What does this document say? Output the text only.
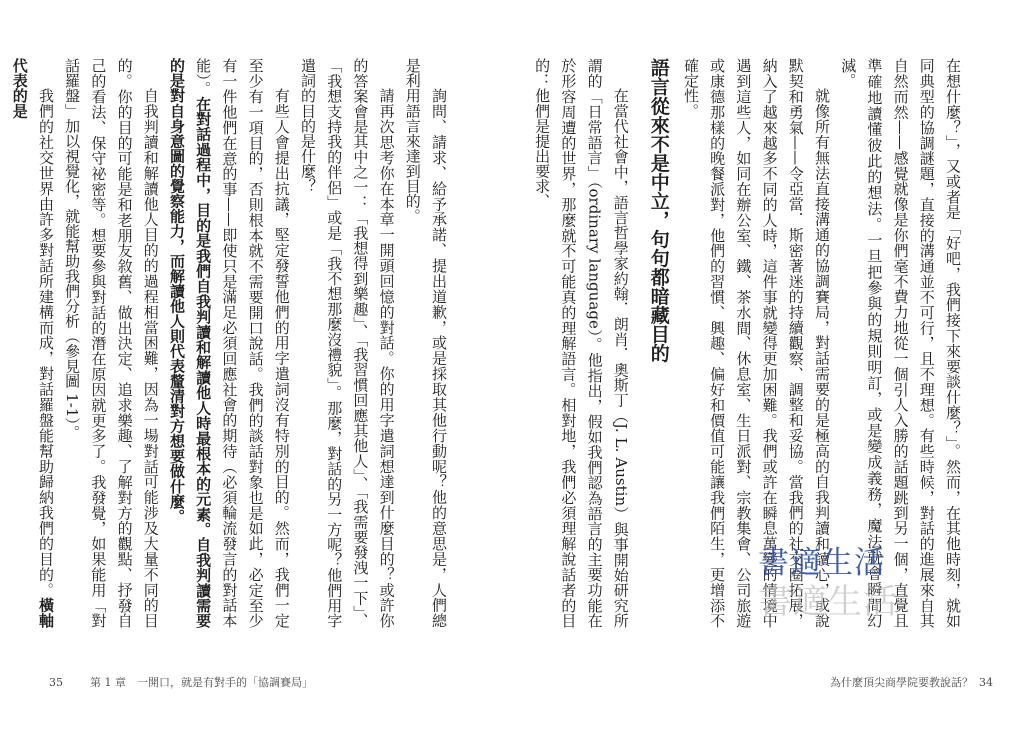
詢問、請求、給予承諾、提出道歉，或是採取其他行動呢？他的意思是，人們總是利用語言來達到目的。

請再次思考你在本章一開頭回憶的對話。你的用字遣詞想達到什麼目的？或許你的答案會是其中之一：「我想得到樂趣」、「我習慣回應其他人」、「我需要發洩一下」、「我想支持我的伴侶」或是「我不想那麼沒禮貌」。那麼，對話的另一方呢？他們用字遣詞的目的是什麼？

有些人會提出抗議，堅定發誓他們的用字遣詞沒有特別的目的。然而，我們一定至少有一項目的，否則根本就不需要開口說話。我們的談話對象也是如此，必定至少有一件他們在意的事——即使只是滿足必須回應社會的期待（必須輪流發言的對話本能）。在對話過程中，目的是我們自我判讀和解讀他人時最根本的元素。自我判讀需要的是對自身意圖的覺察能力，而解讀他人則代表釐清對方想要做什麼。

自我判讀和解讀他人目的的過程相當困難，因為一場對話可能涉及大量不同的目的。你的目的可能是和老朋友敘舊、做出決定、追求樂趣、了解對方的觀點、抒發自己的看法、保守祕密等。想要參與對話的潛在原因就更多了。我發覺，如果能用「對話羅盤」加以視覺化，就能幫助我們分析（參見圖 1-1）。

我們的社交世界由許多對話所建構而成，對話羅盤能幫助歸納我們的目的。橫軸代表的是

35 第 1 章　一開口，就是有對手的「協調賽局」

在想什麼？」，又或者是「好吧，我們接下來要談什麼？」。然而，在其他時刻，就如同典型的協調謎題，直接的溝通並不可行，且不理想。有些時候，對話的進展來自其自然而然——感覺就像是你們毫不費力地從一個引人入勝的話題跳到另一個，直覺且準確地讀懂彼此的想法。一旦把參與的規則明訂，或是變成義務，魔法就會瞬間幻滅。

就像所有無法直接溝通的協調賽局，對話需要的是極高的自我判讀和讀心，或說默契和勇氣——令亞當．斯密著迷的持續觀察、調整和妥協。當我們的社交圈拓展，納入了越來越多不同的人時，這件事就變得更加困難。我們或許在瞬息萬變的情境中遇到這些人，如同在辦公室、鐵、茶水間、休息室、生日派對、宗教集會、公司旅遊或康德那樣的晚餐派對，他們的習慣、興趣、偏好和價值可能讓我們陌生，更增添不確定性。

語言從來不是中立，句句都暗藏目的

在當代社會中，語言哲學家約翰．朗肖．奧斯丁（J. L. Austin）與事開始研究所謂的「日常語言」（ordinary language）。他指出，假如我們認為語言的主要功能在於形容周遭的世界，那麼就不可能真的理解語言。相對地，我們必須理解說話者的目的：他們是提出要求、

書適生活
書適生活
為什麼頂尖商學院要教說話？ 34
